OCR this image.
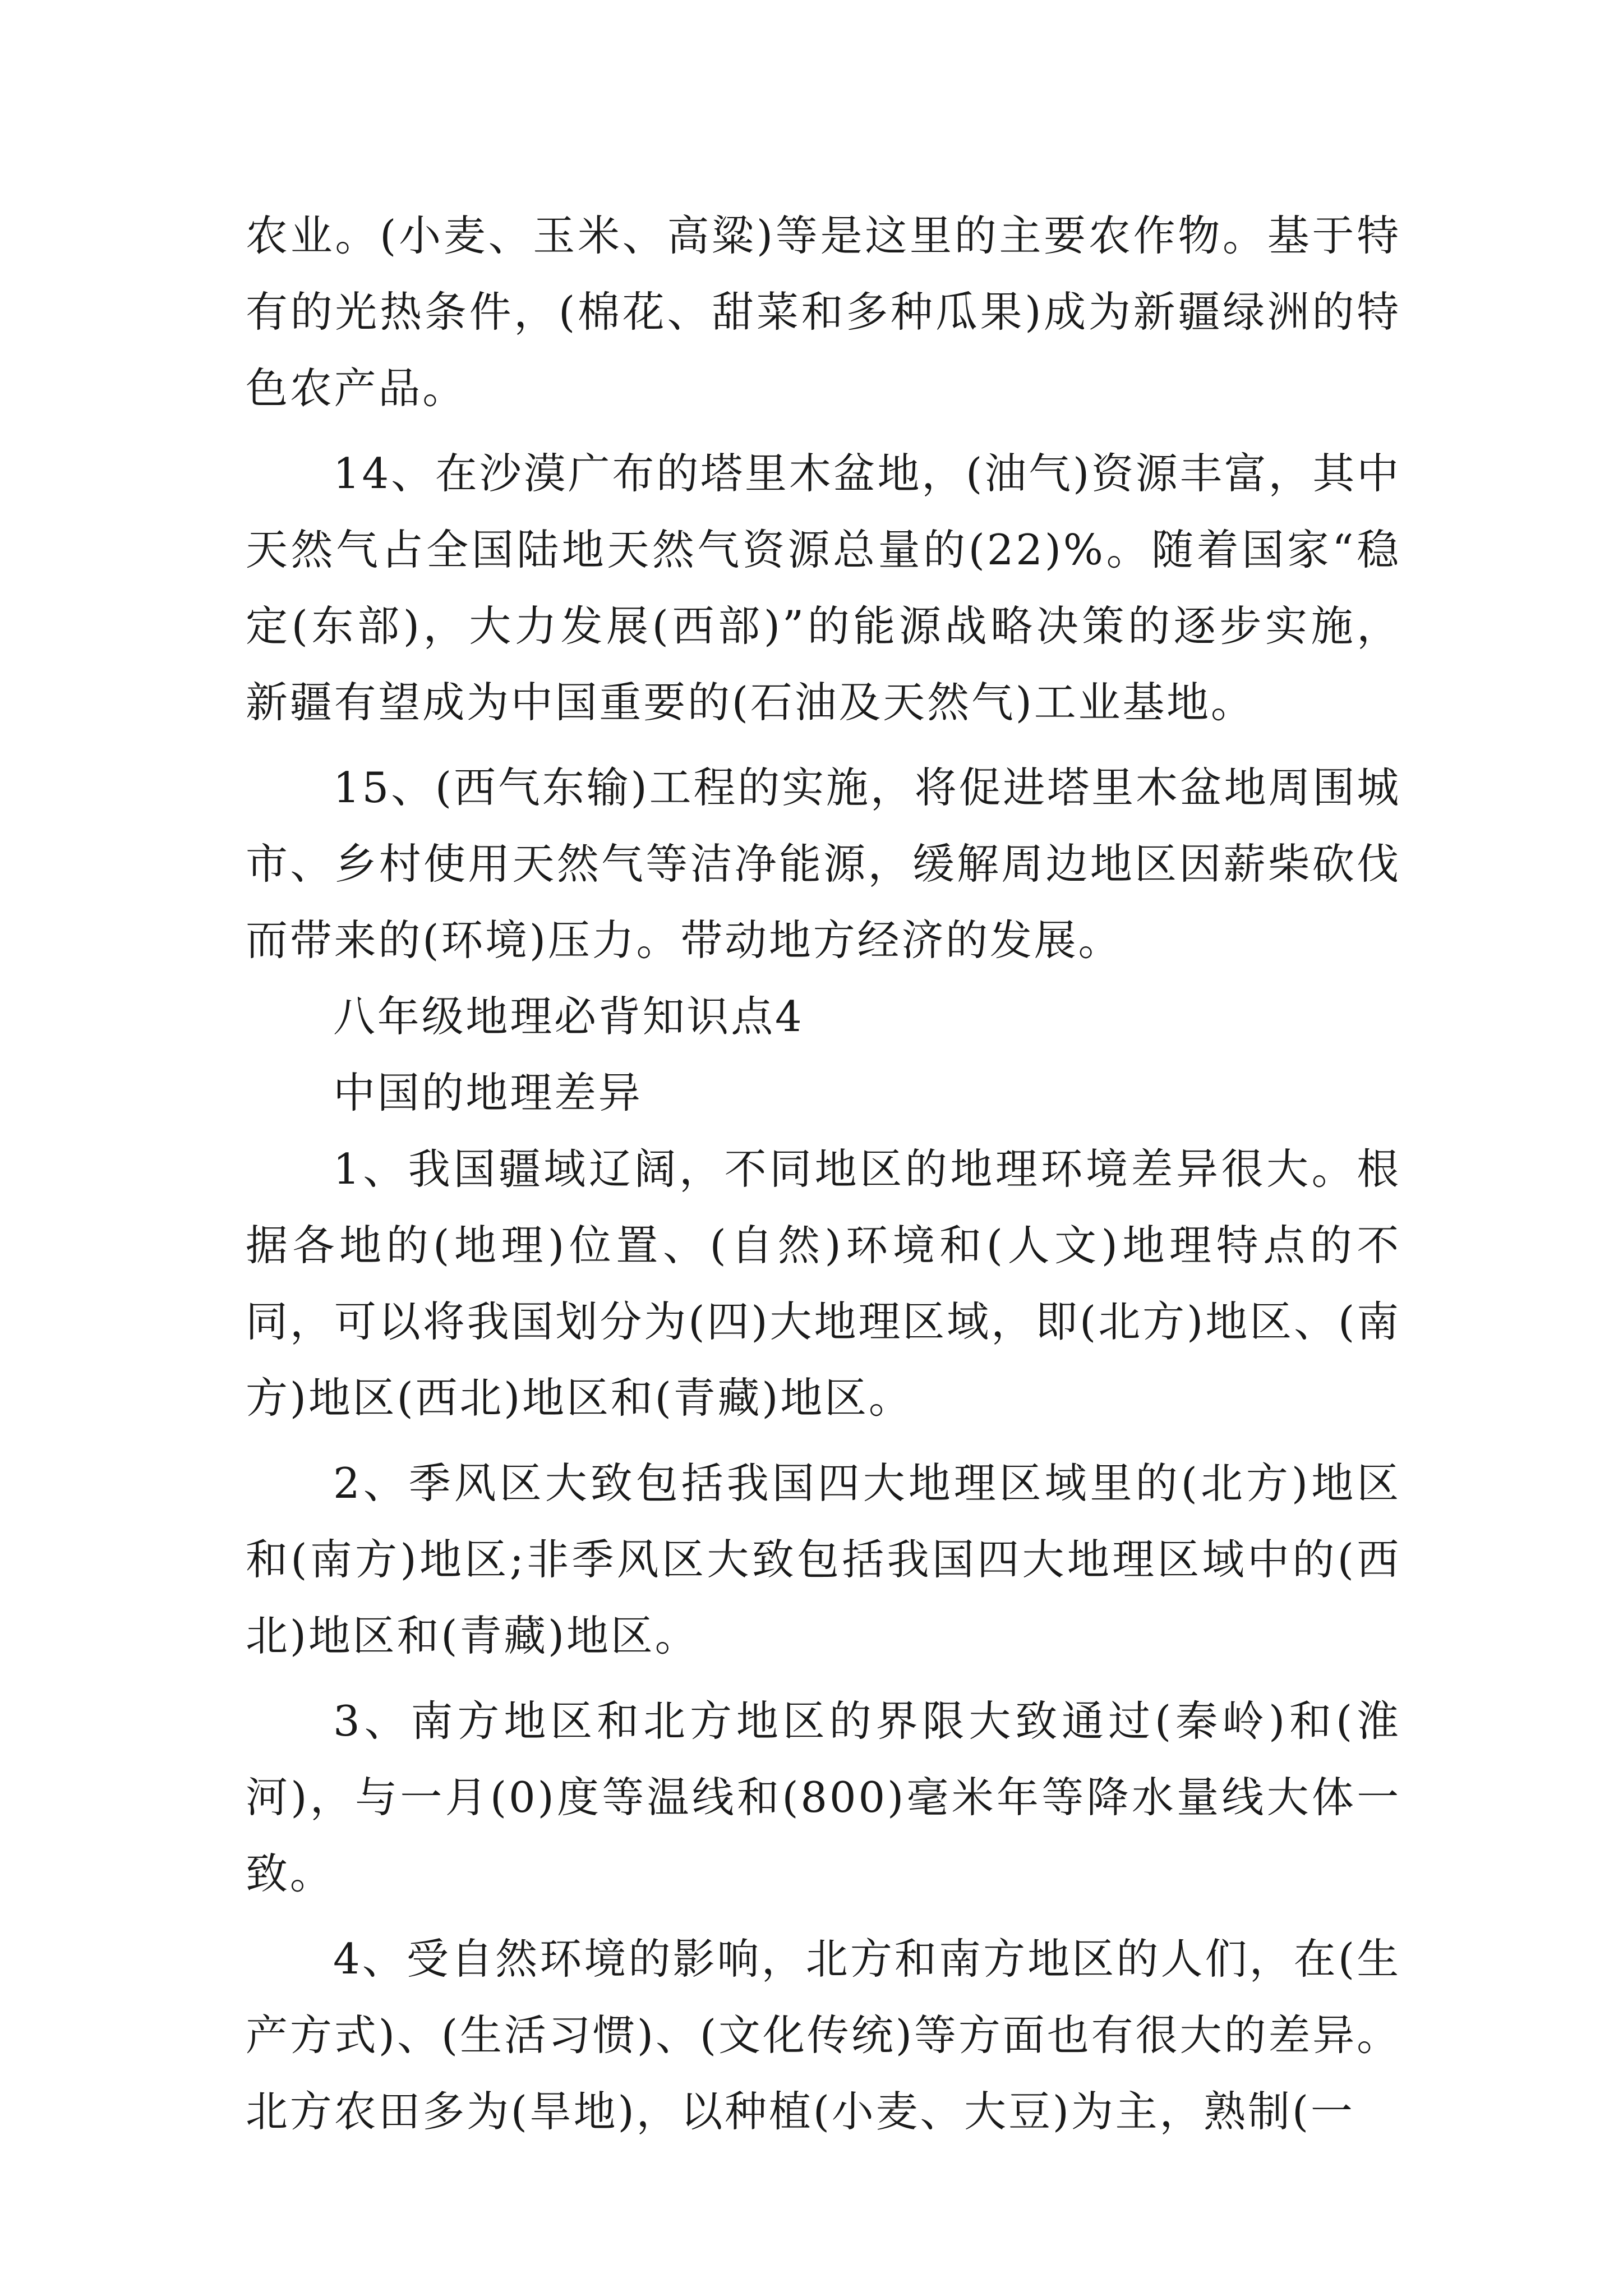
农业。(小麦、玉米、高粱)等是这里的主要农作物。基于特有的光热条件，(棉花、甜菜和多种瓜果)成为新疆绿洲的特色农产品。

14、在沙漠广布的塔里木盆地，(油气)资源丰富，其中天然气占全国陆地天然气资源总量的(22)%。随着国家“稳定(东部)，大力发展(西部)”的能源战略决策的逐步实施，新疆有望成为中国重要的(石油及天然气)工业基地。

15、(西气东输)工程的实施，将促进塔里木盆地周围城市、乡村使用天然气等洁净能源，缓解周边地区因薪柴砍伐而带来的(环境)压力。带动地方经济的发展。

八年级地理必背知识点4

中国的地理差异

1、我国疆域辽阔，不同地区的地理环境差异很大。根据各地的(地理)位置、(自然)环境和(人文)地理特点的不同，可以将我国划分为(四)大地理区域，即(北方)地区、(南方)地区(西北)地区和(青藏)地区。

2、季风区大致包括我国四大地理区域里的(北方)地区和(南方)地区;非季风区大致包括我国四大地理区域中的(西北)地区和(青藏)地区。

3、南方地区和北方地区的界限大致通过(秦岭)和(淮河)，与一月(0)度等温线和(800)毫米年等降水量线大体一致。

4、受自然环境的影响，北方和南方地区的人们，在(生产方式)、(生活习惯)、(文化传统)等方面也有很大的差异。北方农田多为(旱地)，以种植(小麦、大豆)为主，熟制(一
